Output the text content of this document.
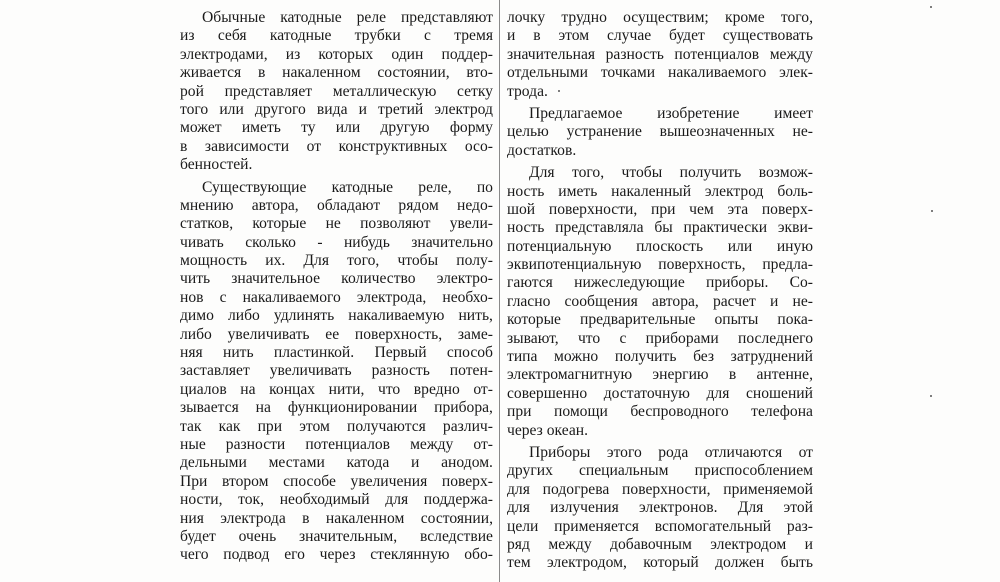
Обычные катодные реле представляют
из себя катодные трубки с тремя
электродами, из которых один поддер-
живается в накаленном состоянии, вто-
рой представляет металлическую сетку
того или другого вида и третий электрод
может иметь ту или другую форму
в зависимости от конструктивных осо-
бенностей.
Существующие катодные реле, по
мнению автора, обладают рядом недо-
статков, которые не позволяют увели-
чивать сколько - нибудь значительно
мощность их. Для того, чтобы полу-
чить значительное количество электро-
нов с накаливаемого электрода, необхо-
димо либо удлинять накаливаемую нить,
либо увеличивать ее поверхность, заме-
няя нить пластинкой. Первый способ
заставляет увеличивать разность потен-
циалов на концах нити, что вредно от-
зывается на функционировании прибора,
так как при этом получаются различ-
ные разности потенциалов между от-
дельными местами катода и анодом.
При втором способе увеличения поверх-
ности, ток, необходимый для поддержа-
ния электрода в накаленном состоянии,
будет очень значительным, вследствие
чего подвод его через стеклянную обо-
лочку трудно осуществим; кроме того,
и в этом случае будет существовать
значительная разность потенциалов между
отдельными точками накаливаемого элек-
трода.
Предлагаемое изобретение имеет
целью устранение вышеозначенных не-
достатков.
Для того, чтобы получить возмож-
ность иметь накаленный электрод боль-
шой поверхности, при чем эта поверх-
ность представляла бы практически экви-
потенциальную плоскость или иную
эквипотенциальную поверхность, предла-
гаются нижеследующие приборы. Со-
гласно сообщения автора, расчет и не-
которые предварительные опыты пока-
зывают, что с приборами последнего
типа можно получить без затруднений
электромагнитную энергию в антенне,
совершенно достаточную для сношений
при помощи беспроводного телефона
через океан.
Приборы этого рода отличаются от
других специальным приспособлением
для подогрева поверхности, применяемой
для излучения электронов. Для этой
цели применяется вспомогательный раз-
ряд между добавочным электродом и
тем электродом, который должен быть
